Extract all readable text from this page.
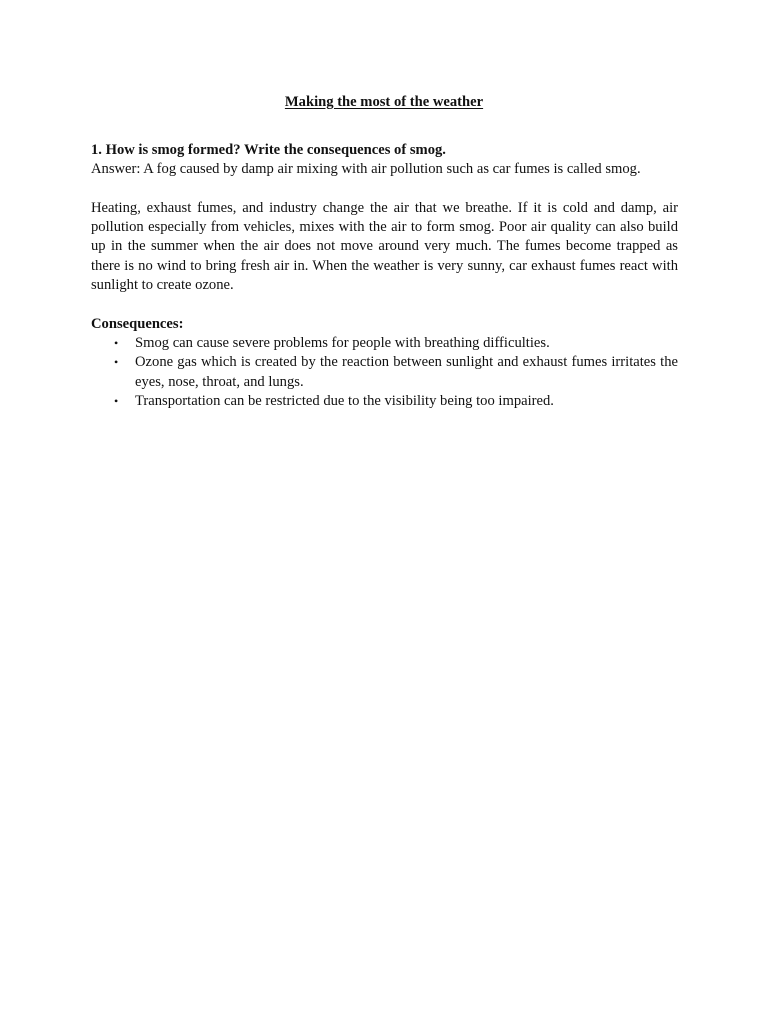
Making the most of the weather

1. How is smog formed? Write the consequences of smog.

Answer: A fog caused by damp air mixing with air pollution such as car fumes is called smog.

Heating, exhaust fumes, and industry change the air that we breathe. If it is cold and damp, air pollution especially from vehicles, mixes with the air to form smog. Poor air quality can also build up in the summer when the air does not move around very much. The fumes become trapped as there is no wind to bring fresh air in. When the weather is very sunny, car exhaust fumes react with sunlight to create ozone.

Consequences:

• Smog can cause severe problems for people with breathing difficulties.
• Ozone gas which is created by the reaction between sunlight and exhaust fumes irritates the eyes, nose, throat, and lungs.
• Transportation can be restricted due to the visibility being too impaired.
